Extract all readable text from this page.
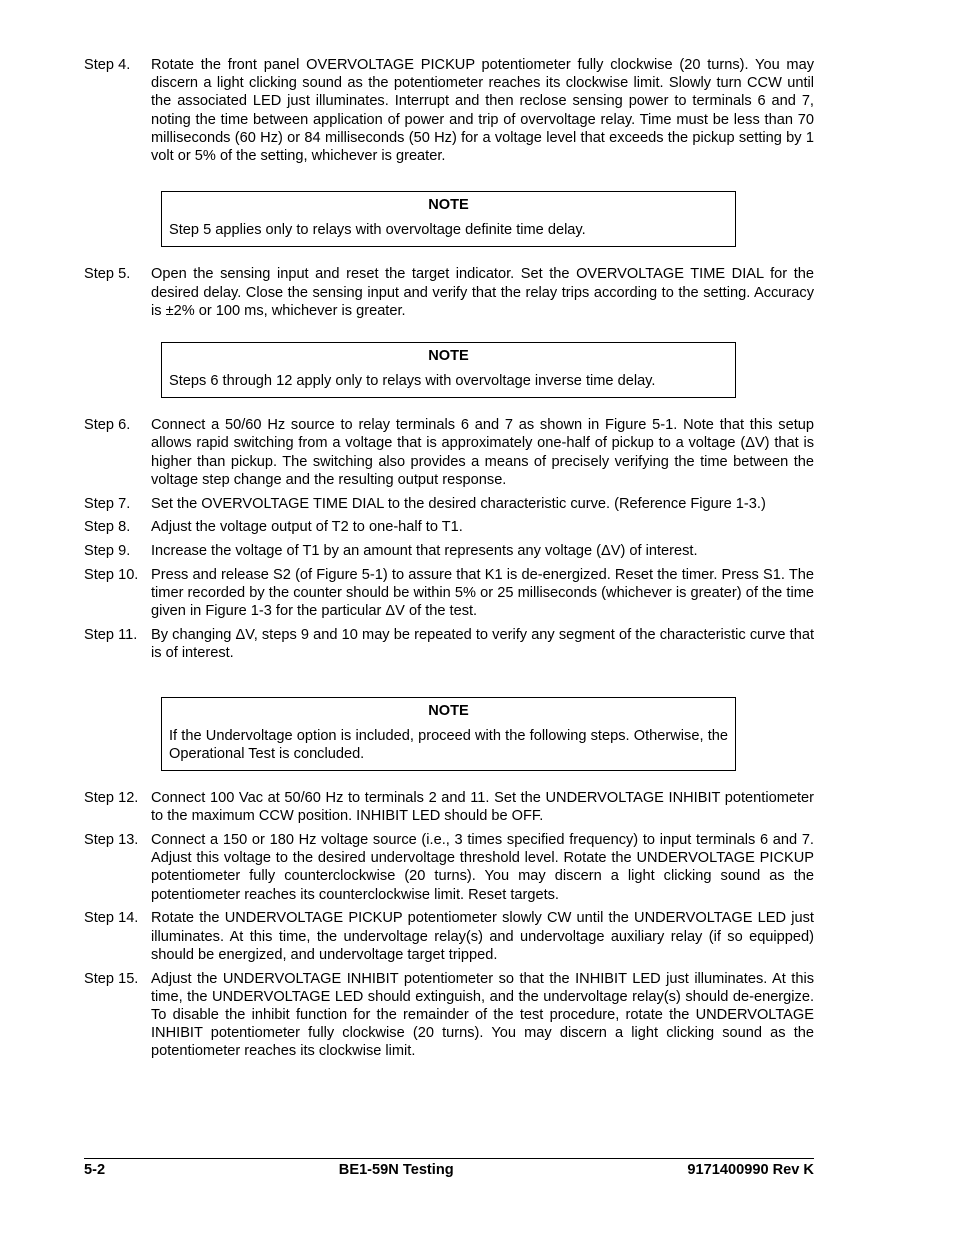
Step 4.	Rotate the front panel OVERVOLTAGE PICKUP potentiometer fully clockwise (20 turns). You may discern a light clicking sound as the potentiometer reaches its clockwise limit. Slowly turn CCW until the associated LED just illuminates. Interrupt and then reclose sensing power to terminals 6 and 7, noting the time between application of power and trip of overvoltage relay. Time must be less than 70 milliseconds (60 Hz) or 84 milliseconds (50 Hz) for a voltage level that exceeds the pickup setting by 1 volt or 5% of the setting, whichever is greater.
NOTE
Step 5 applies only to relays with overvoltage definite time delay.
Step 5.	Open the sensing input and reset the target indicator. Set the OVERVOLTAGE TIME DIAL for the desired delay. Close the sensing input and verify that the relay trips according to the setting. Accuracy is ±2% or 100 ms, whichever is greater.
NOTE
Steps 6 through 12 apply only to relays with overvoltage inverse time delay.
Step 6.	Connect a 50/60 Hz source to relay terminals 6 and 7 as shown in Figure 5-1. Note that this setup allows rapid switching from a voltage that is approximately one-half of pickup to a voltage (ΔV) that is higher than pickup. The switching also provides a means of precisely verifying the time between the voltage step change and the resulting output response.
Step 7.	Set the OVERVOLTAGE TIME DIAL to the desired characteristic curve. (Reference Figure 1-3.)
Step 8.	Adjust the voltage output of T2 to one-half to T1.
Step 9.	Increase the voltage of T1 by an amount that represents any voltage (ΔV) of interest.
Step 10. Press and release S2 (of Figure 5-1) to assure that K1 is de-energized. Reset the timer. Press S1. The timer recorded by the counter should be within 5% or 25 milliseconds (whichever is greater) of the time given in Figure 1-3 for the particular ΔV of the test.
Step 11. By changing ΔV, steps 9 and 10 may be repeated to verify any segment of the characteristic curve that is of interest.
NOTE
If the Undervoltage option is included, proceed with the following steps. Otherwise, the Operational Test is concluded.
Step 12. Connect 100 Vac at 50/60 Hz to terminals 2 and 11. Set the UNDERVOLTAGE INHIBIT potentiometer to the maximum CCW position. INHIBIT LED should be OFF.
Step 13. Connect a 150 or 180 Hz voltage source (i.e., 3 times specified frequency) to input terminals 6 and 7. Adjust this voltage to the desired undervoltage threshold level. Rotate the UNDERVOLTAGE PICKUP potentiometer fully counterclockwise (20 turns). You may discern a light clicking sound as the potentiometer reaches its counterclockwise limit. Reset targets.
Step 14. Rotate the UNDERVOLTAGE PICKUP potentiometer slowly CW until the UNDERVOLTAGE LED just illuminates. At this time, the undervoltage relay(s) and undervoltage auxiliary relay (if so equipped) should be energized, and undervoltage target tripped.
Step 15. Adjust the UNDERVOLTAGE INHIBIT potentiometer so that the INHIBIT LED just illuminates. At this time, the UNDERVOLTAGE LED should extinguish, and the undervoltage relay(s) should de-energize. To disable the inhibit function for the remainder of the test procedure, rotate the UNDERVOLTAGE INHIBIT potentiometer fully clockwise (20 turns). You may discern a light clicking sound as the potentiometer reaches its clockwise limit.
5-2	BE1-59N Testing	9171400990 Rev K
